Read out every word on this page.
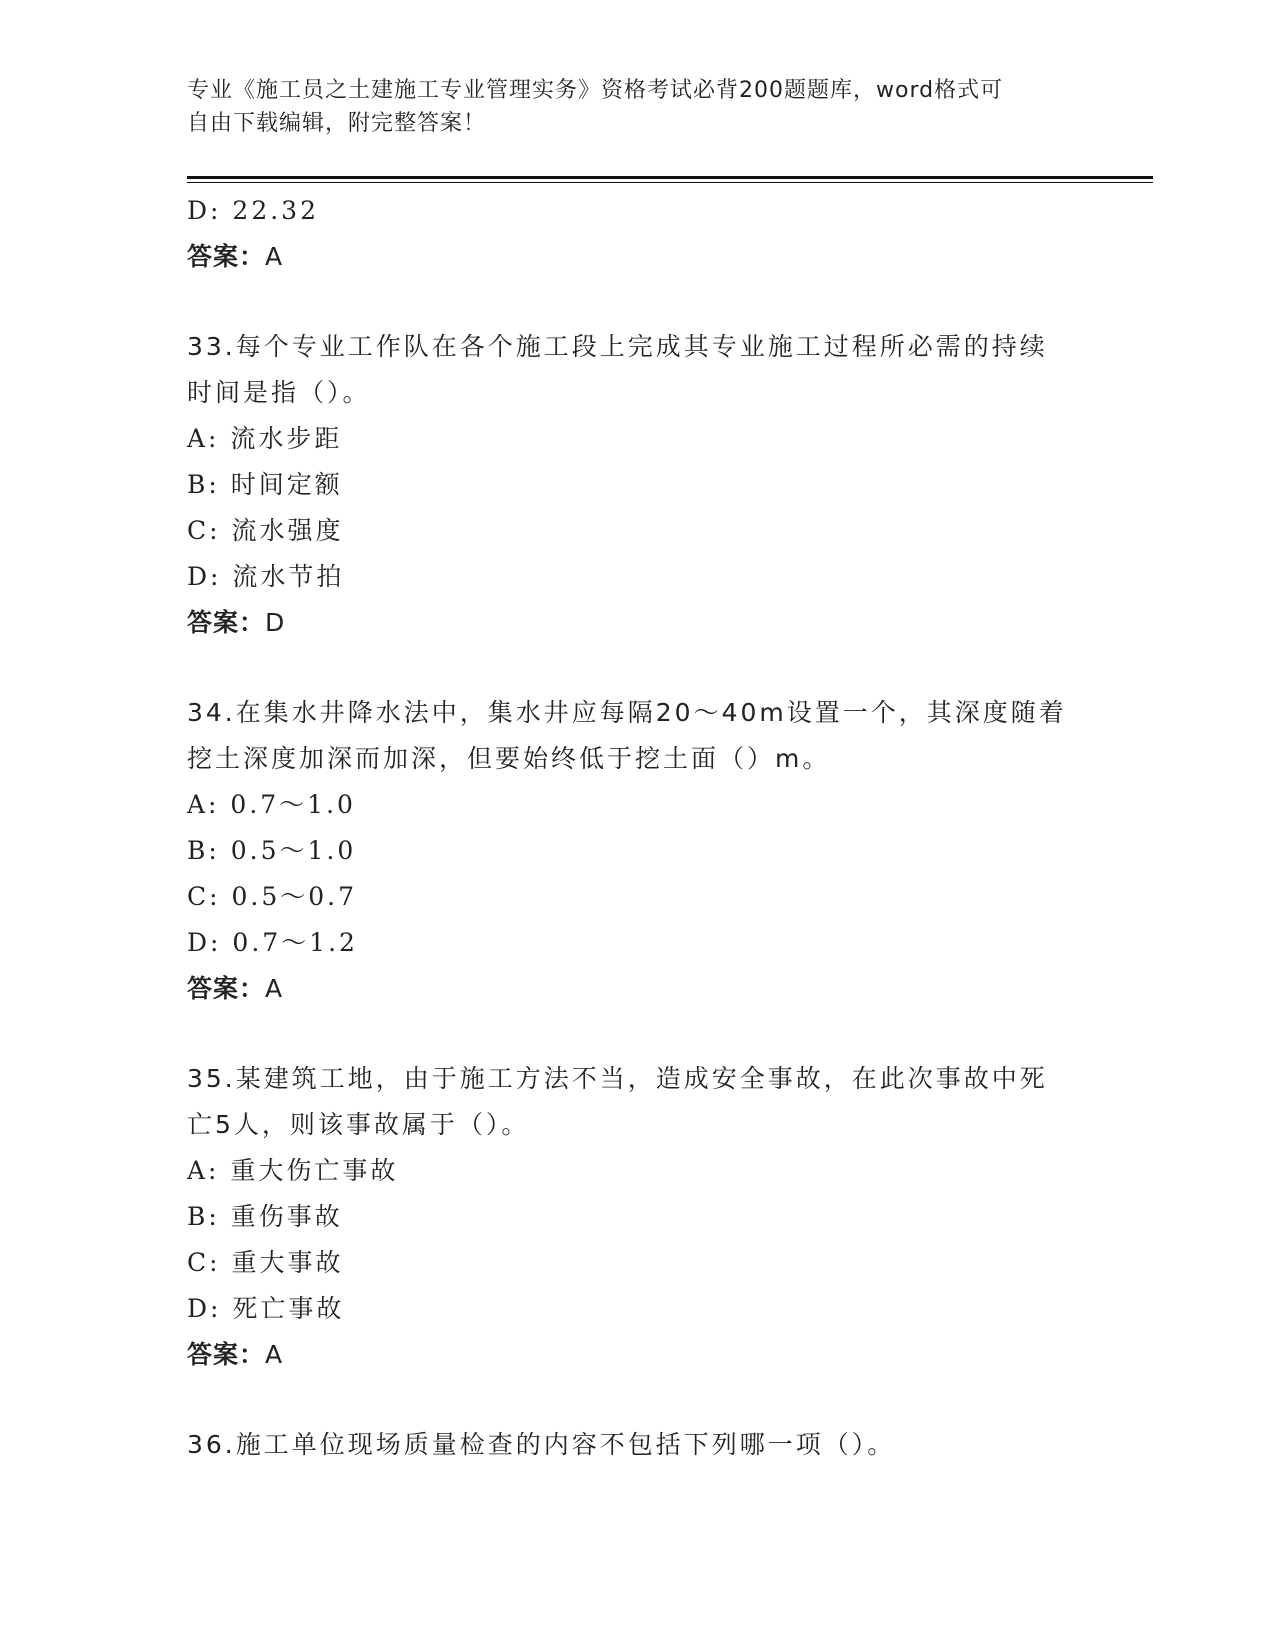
专业《施工员之土建施工专业管理实务》资格考试必背200题题库，word格式可
自由下载编辑，附完整答案！
D: 22.32
答案：A
33.每个专业工作队在各个施工段上完成其专业施工过程所必需的持续
时间是指（）。
A: 流水步距
B: 时间定额
C: 流水强度
D: 流水节拍
答案：D
34.在集水井降水法中，集水井应每隔20～40m设置一个，其深度随着
挖土深度加深而加深，但要始终低于挖土面（）m。
A: 0.7～1.0
B: 0.5～1.0
C: 0.5～0.7
D: 0.7～1.2
答案：A
35.某建筑工地，由于施工方法不当，造成安全事故，在此次事故中死
亡5人，则该事故属于（）。
A: 重大伤亡事故
B: 重伤事故
C: 重大事故
D: 死亡事故
答案：A
36.施工单位现场质量检查的内容不包括下列哪一项（）。
